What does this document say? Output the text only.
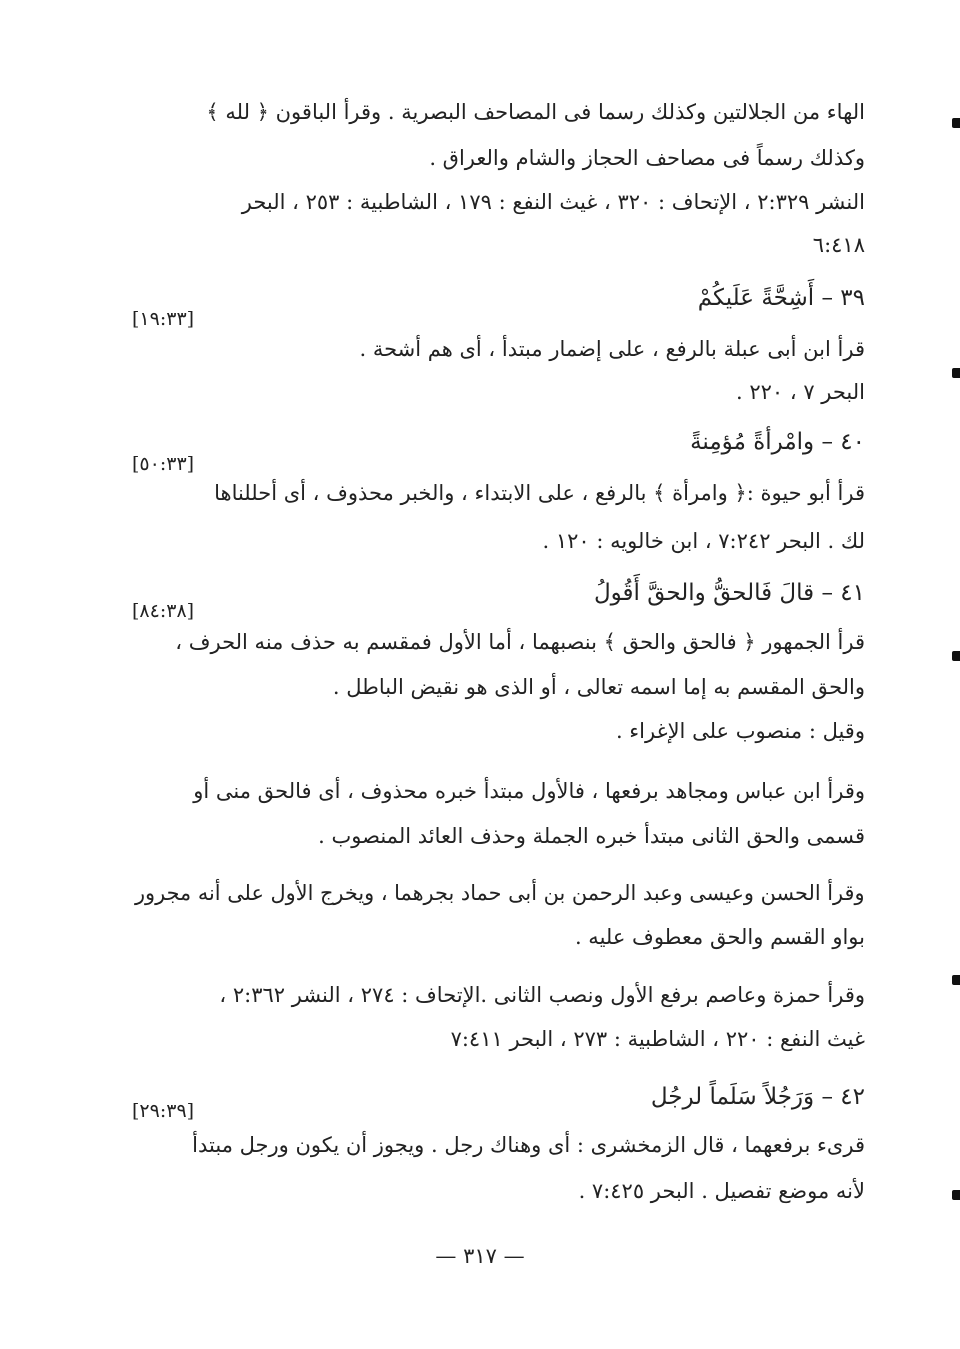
الهاء من الجلالتين وكذلك رسما فى المصاحف البصرية . وقرأ الباقون ﴿ لله ﴾
وكذلك رسماً فى مصاحف الحجاز والشام والعراق .
النشر ٢:٣٢٩ ، الإتحاف : ٣٢٠ ، غيث النفع : ١٧٩ ، الشاطبية : ٢٥٣ ، البحر
٦:٤١٨
٣٩ – أَشِحَّةً عَلَيكُمْ
[١٩:٣٣]
قرأ ابن أبى عبلة بالرفع ، على إضمار مبتدأ ، أى هم أشحة .
البحر ٧ ، ٢٢٠ .
٤٠ – وامْرأةً مُؤمِنةً
[٥٠:٣٣]
قرأ أبو حيوة :﴿ وامرأة ﴾ بالرفع ، على الابتداء ، والخبر محذوف ، أى أحللناها
لك . البحر ٧:٢٤٢ ، ابن خالويه : ١٢٠ .
٤١ – قالَ فَالحقُّ والحقَّ أَقُولُ
[٨٤:٣٨]
قرأ الجمهور ﴿ فالحق والحق ﴾ بنصبهما ، أما الأول فمقسم به حذف منه الحرف ،
والحق المقسم به إما اسمه تعالى ، أو الذى هو نقيض الباطل .
وقيل : منصوب على الإغراء .
وقرأ ابن عباس ومجاهد برفعها ، فالأول مبتدأ خبره محذوف ، أى فالحق منى أو
قسمى والحق الثانى مبتدأ خبره الجملة وحذف العائد المنصوب .
وقرأ الحسن وعيسى وعبد الرحمن بن أبى حماد بجرهما ، ويخرج الأول على أنه مجرور
بواو القسم والحق معطوف عليه .
وقرأ حمزة وعاصم برفع الأول ونصب الثانى .الإتحاف : ٢٧٤ ، النشر ٢:٣٦٢ ،
غيث النفع : ٢٢٠ ، الشاطبية : ٢٧٣ ، البحر ٧:٤١١
٤٢ – وَرَجُلاً سَلَماً لرجُل
[٢٩:٣٩]
قرىء برفعهما ، قال الزمخشرى : أى وهناك رجل . ويجوز أن يكون ورجل مبتدأ
لأنه موضع تفصيل . البحر ٧:٤٢٥ .
— ٣١٧ —
